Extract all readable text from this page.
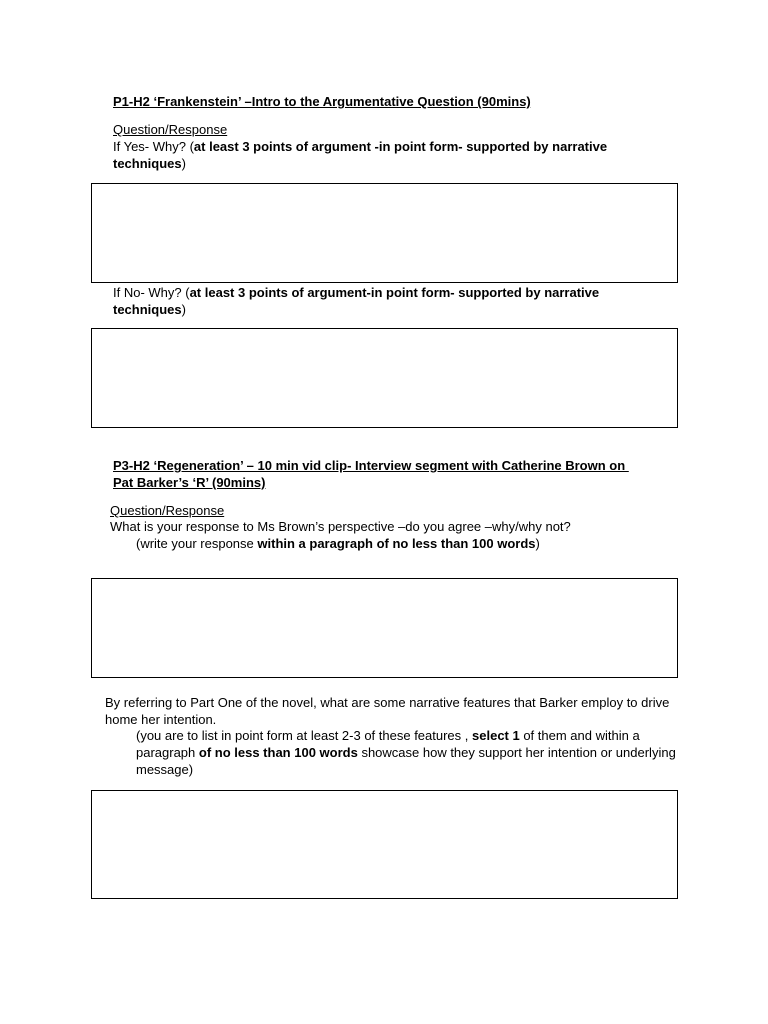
P1-H2 ‘Frankenstein’ –Intro to the Argumentative Question (90mins)
Question/Response
If Yes- Why? (at least 3 points of argument -in point form- supported by narrative techniques)
If No- Why? (at least 3 points of argument-in point form- supported by narrative techniques)
P3-H2 ‘Regeneration’ – 10 min vid clip- Interview segment with Catherine Brown on
Pat Barker’s ‘R’ (90mins)
Question/Response
What is your response to Ms Brown’s perspective –do you agree –why/why not?
(write your response within a paragraph of no less than 100 words)
By referring to Part One of the novel, what are some narrative features that Barker employ to drive home her intention.
(you are to list in point form at least 2-3 of these features , select 1 of them and within a paragraph of no less than 100 words showcase how they support her intention or underlying message)
